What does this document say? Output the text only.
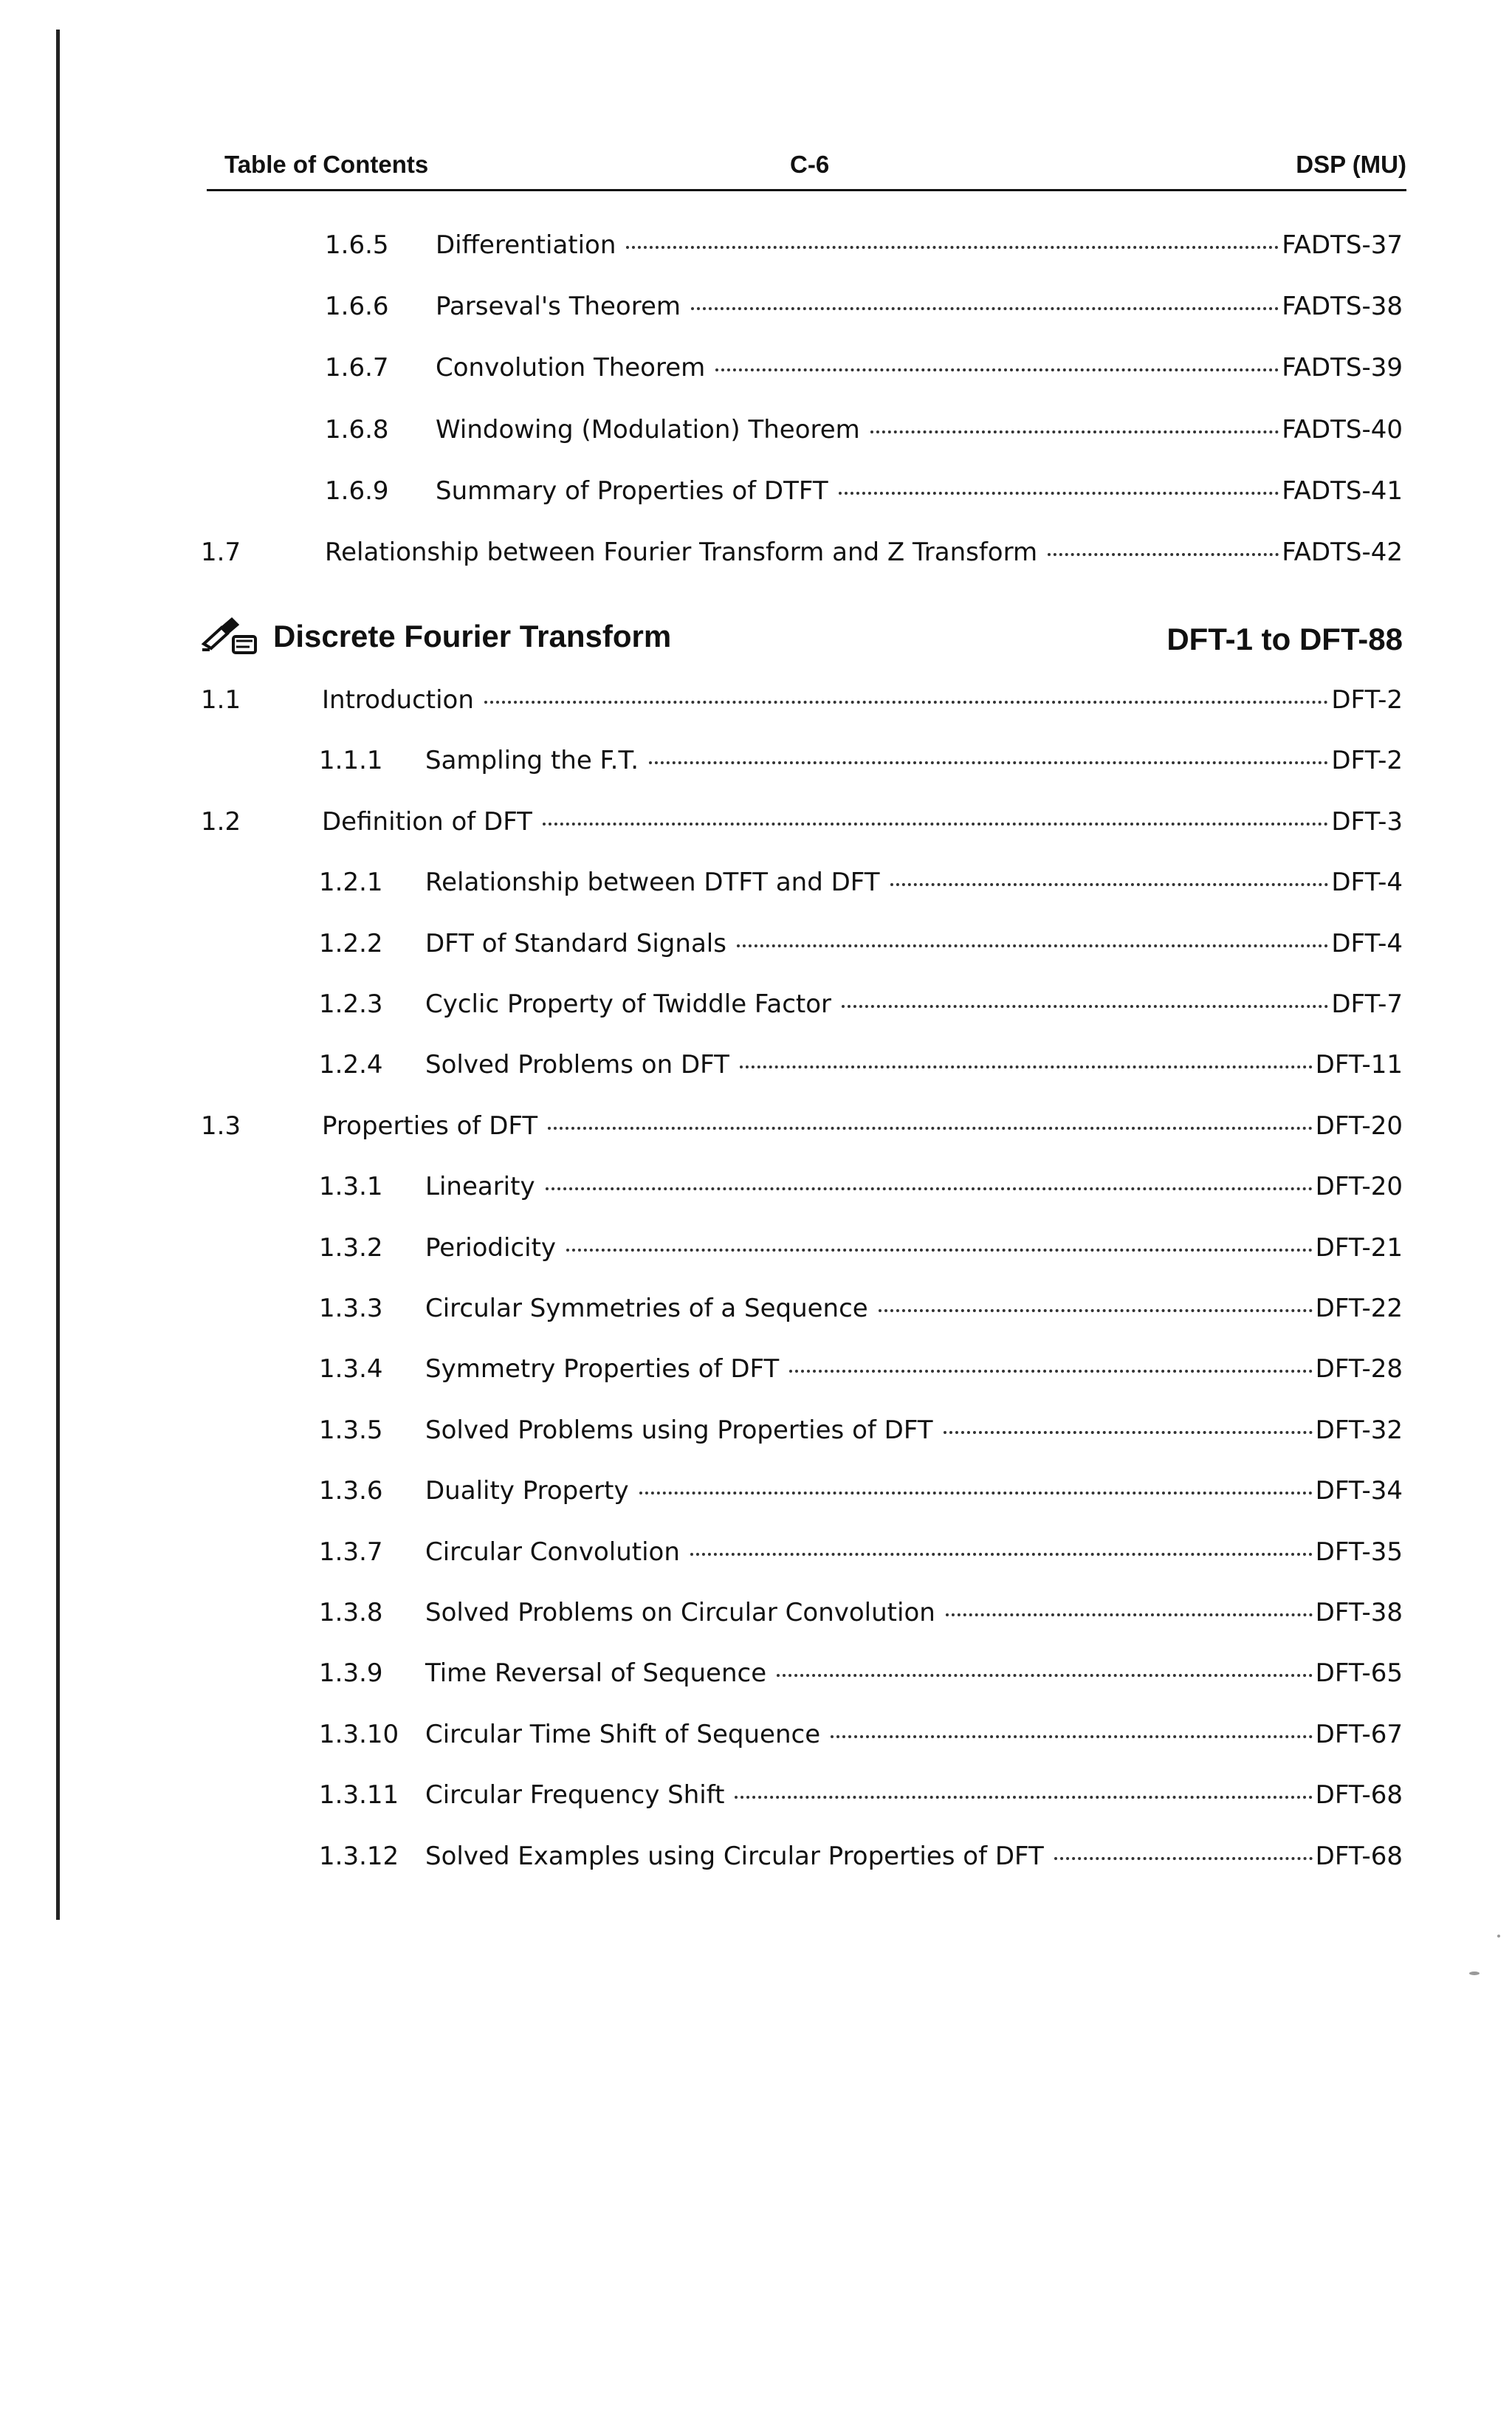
Table of Contents	C-6	DSP (MU)
1.6.5	Differentiation	FADTS-37
1.6.6	Parseval's Theorem	FADTS-38
1.6.7	Convolution Theorem	FADTS-39
1.6.8	Windowing (Modulation) Theorem	FADTS-40
1.6.9	Summary of Properties of DTFT	FADTS-41
1.7	Relationship between Fourier Transform and Z Transform	FADTS-42
Discrete Fourier Transform	DFT-1 to DFT-88
1.1	Introduction	DFT-2
1.1.1	Sampling the F.T.	DFT-2
1.2	Definition of DFT	DFT-3
1.2.1	Relationship between DTFT and DFT	DFT-4
1.2.2	DFT of Standard Signals	DFT-4
1.2.3	Cyclic Property of Twiddle Factor	DFT-7
1.2.4	Solved Problems on DFT	DFT-11
1.3	Properties of DFT	DFT-20
1.3.1	Linearity	DFT-20
1.3.2	Periodicity	DFT-21
1.3.3	Circular Symmetries of a Sequence	DFT-22
1.3.4	Symmetry Properties of DFT	DFT-28
1.3.5	Solved Problems using Properties of DFT	DFT-32
1.3.6	Duality Property	DFT-34
1.3.7	Circular Convolution	DFT-35
1.3.8	Solved Problems on Circular Convolution	DFT-38
1.3.9	Time Reversal of Sequence	DFT-65
1.3.10	Circular Time Shift of Sequence	DFT-67
1.3.11	Circular Frequency Shift	DFT-68
1.3.12	Solved Examples using Circular Properties of DFT	DFT-68
